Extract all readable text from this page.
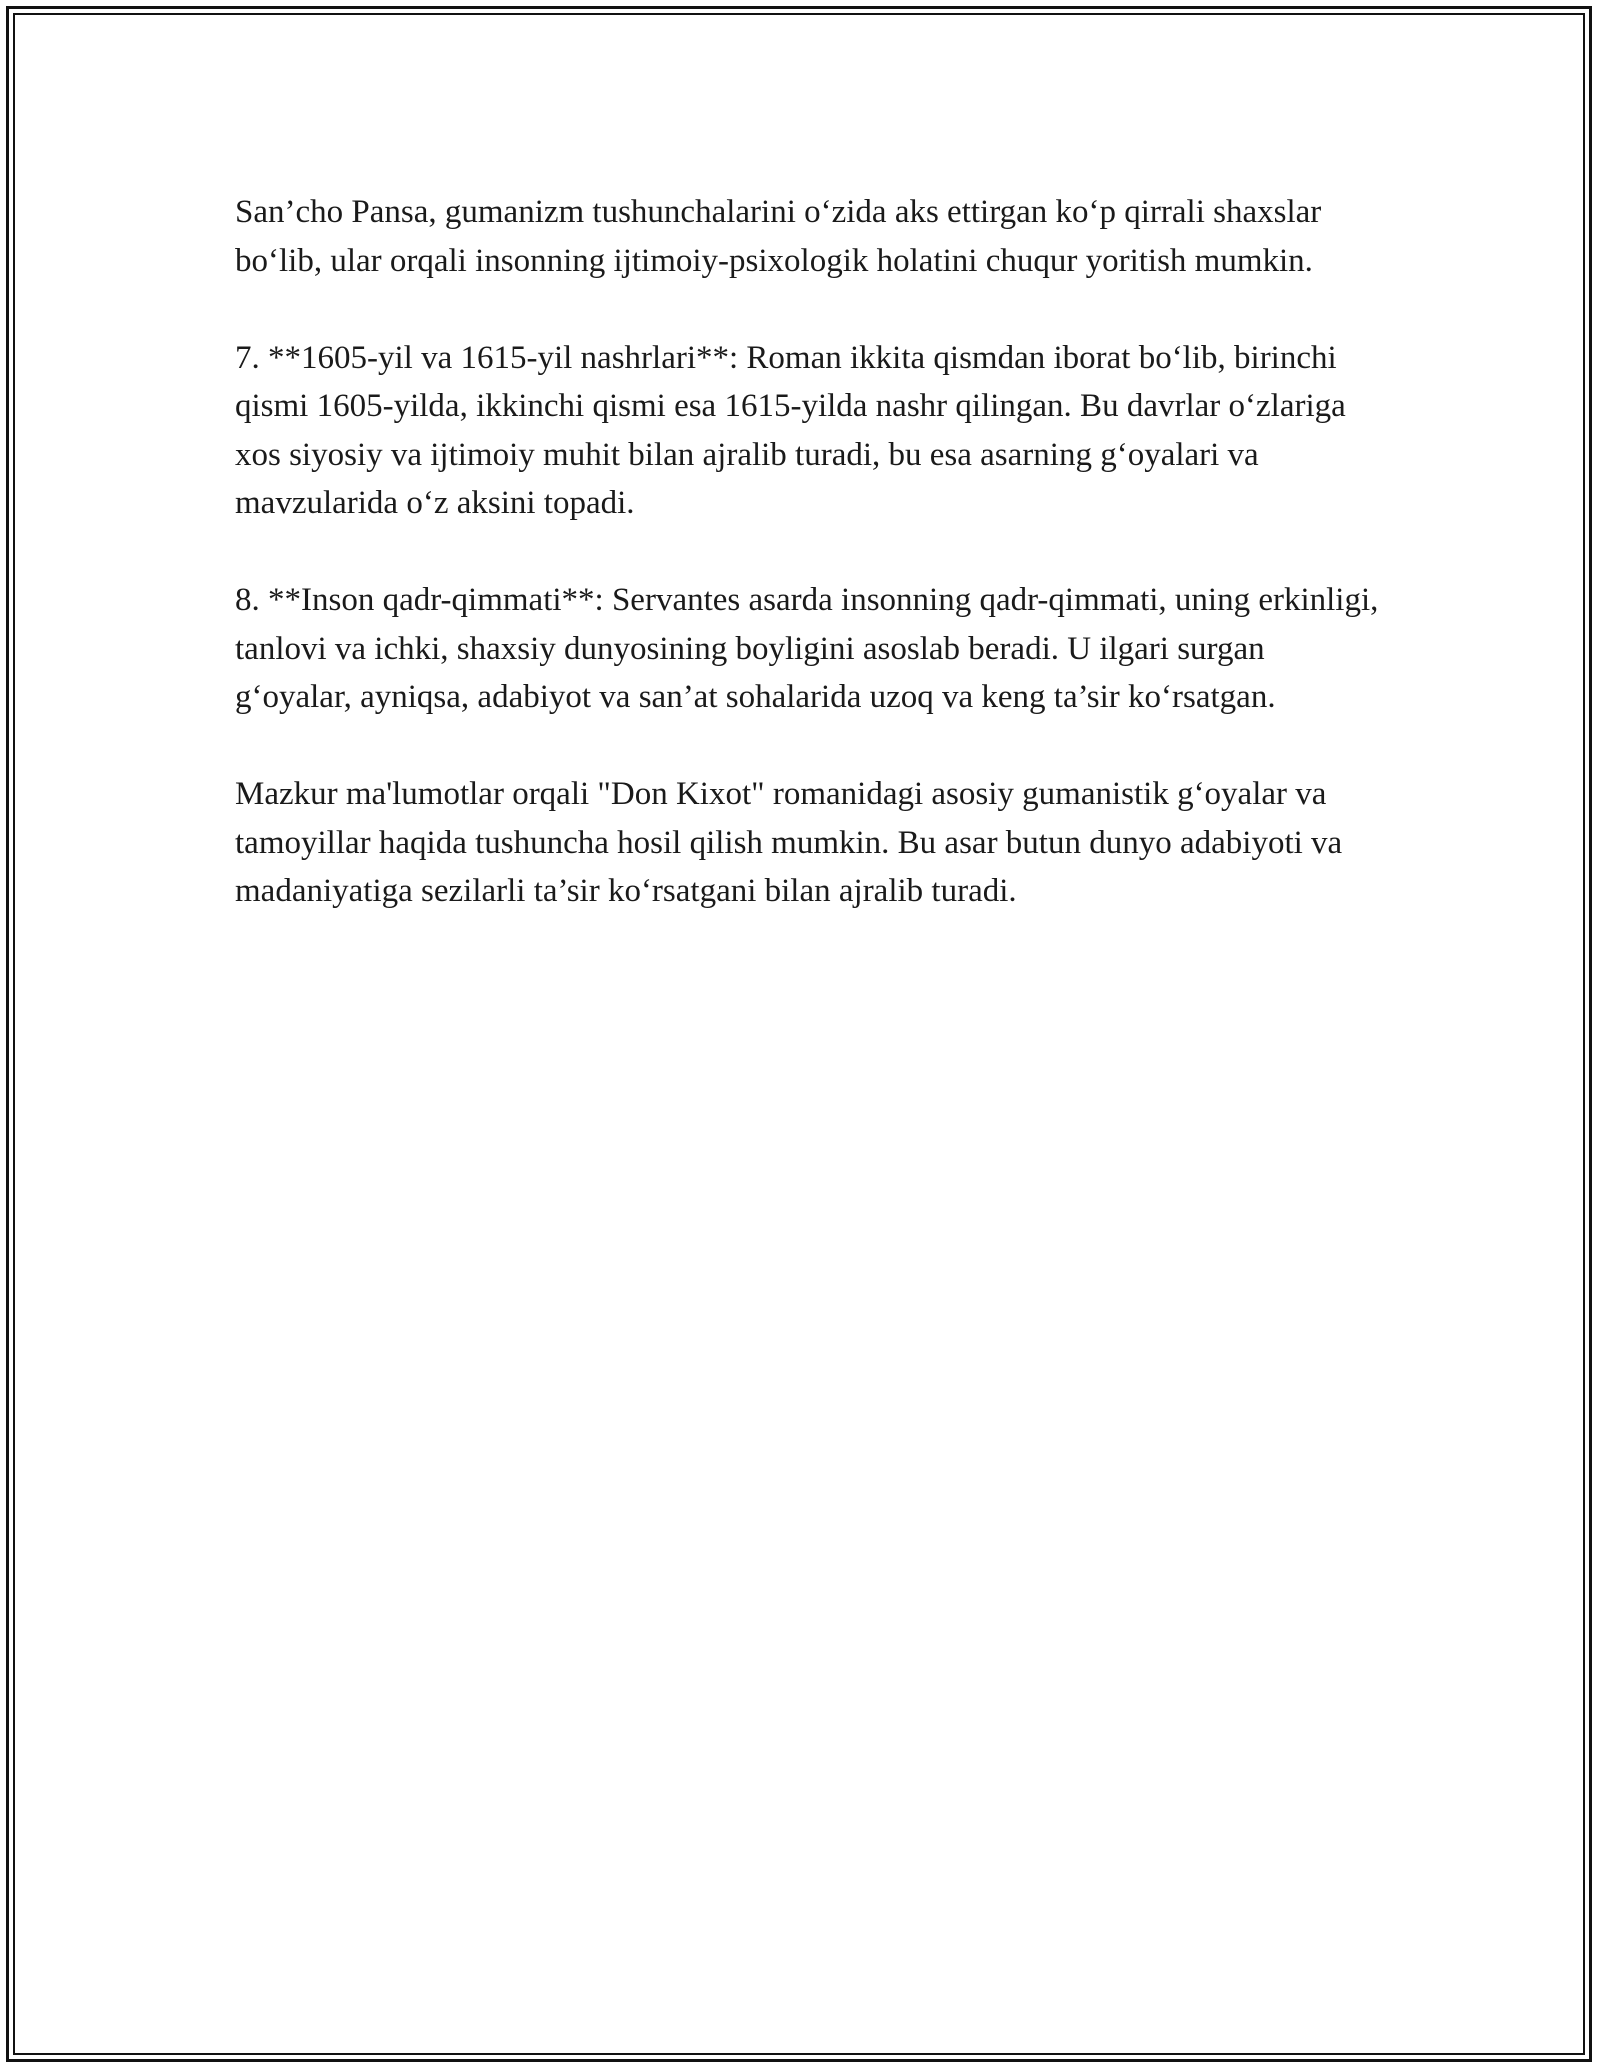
San’cho Pansa, gumanizm tushunchalarini o‘zida aks ettirgan ko‘p qirrali shaxslar bo‘lib, ular orqali insonning ijtimoiy-psixologik holatini chuqur yoritish mumkin.

7. **1605-yil va 1615-yil nashrlari**: Roman ikkita qismdan iborat bo‘lib, birinchi qismi 1605-yilda, ikkinchi qismi esa 1615-yilda nashr qilingan. Bu davrlar o‘zlariga xos siyosiy va ijtimoiy muhit bilan ajralib turadi, bu esa asarning g‘oyalari va mavzularida o‘z aksini topadi.

8. **Inson qadr-qimmati**: Servantes asarda insonning qadr-qimmati, uning erkinligi, tanlovi va ichki, shaxsiy dunyosining boyligini asoslab beradi. U ilgari surgan g‘oyalar, ayniqsa, adabiyot va san’at sohalarida uzoq va keng ta’sir ko‘rsatgan.

Mazkur ma'lumotlar orqali "Don Kixot" romanidagi asosiy gumanistik g‘oyalar va tamoyillar haqida tushuncha hosil qilish mumkin. Bu asar butun dunyo adabiyoti va madaniyatiga sezilarli ta’sir ko‘rsatgani bilan ajralib turadi.
